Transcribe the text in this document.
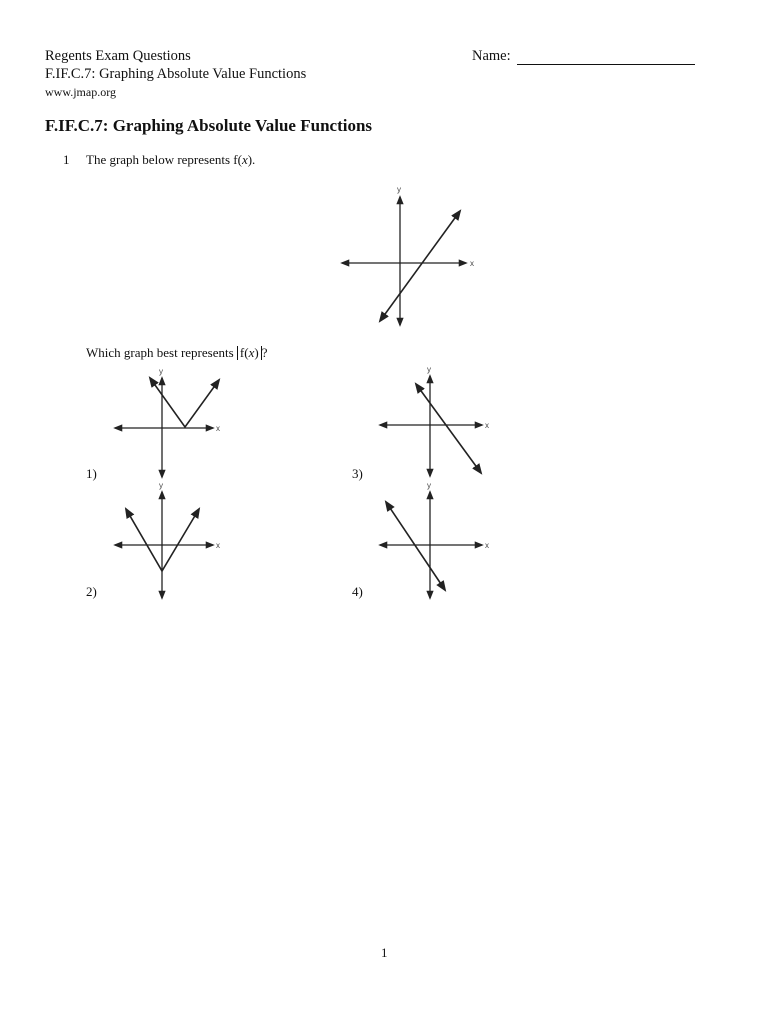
Regents Exam Questions
F.IF.C.7: Graphing Absolute Value Functions
www.jmap.org
Name:
F.IF.C.7: Graphing Absolute Value Functions
1 The graph below represents f(x).
x
y
x
y
x
y
x
y
x
y
Which graph best represents f(x) ?
1)
2)
3)
4)
1
